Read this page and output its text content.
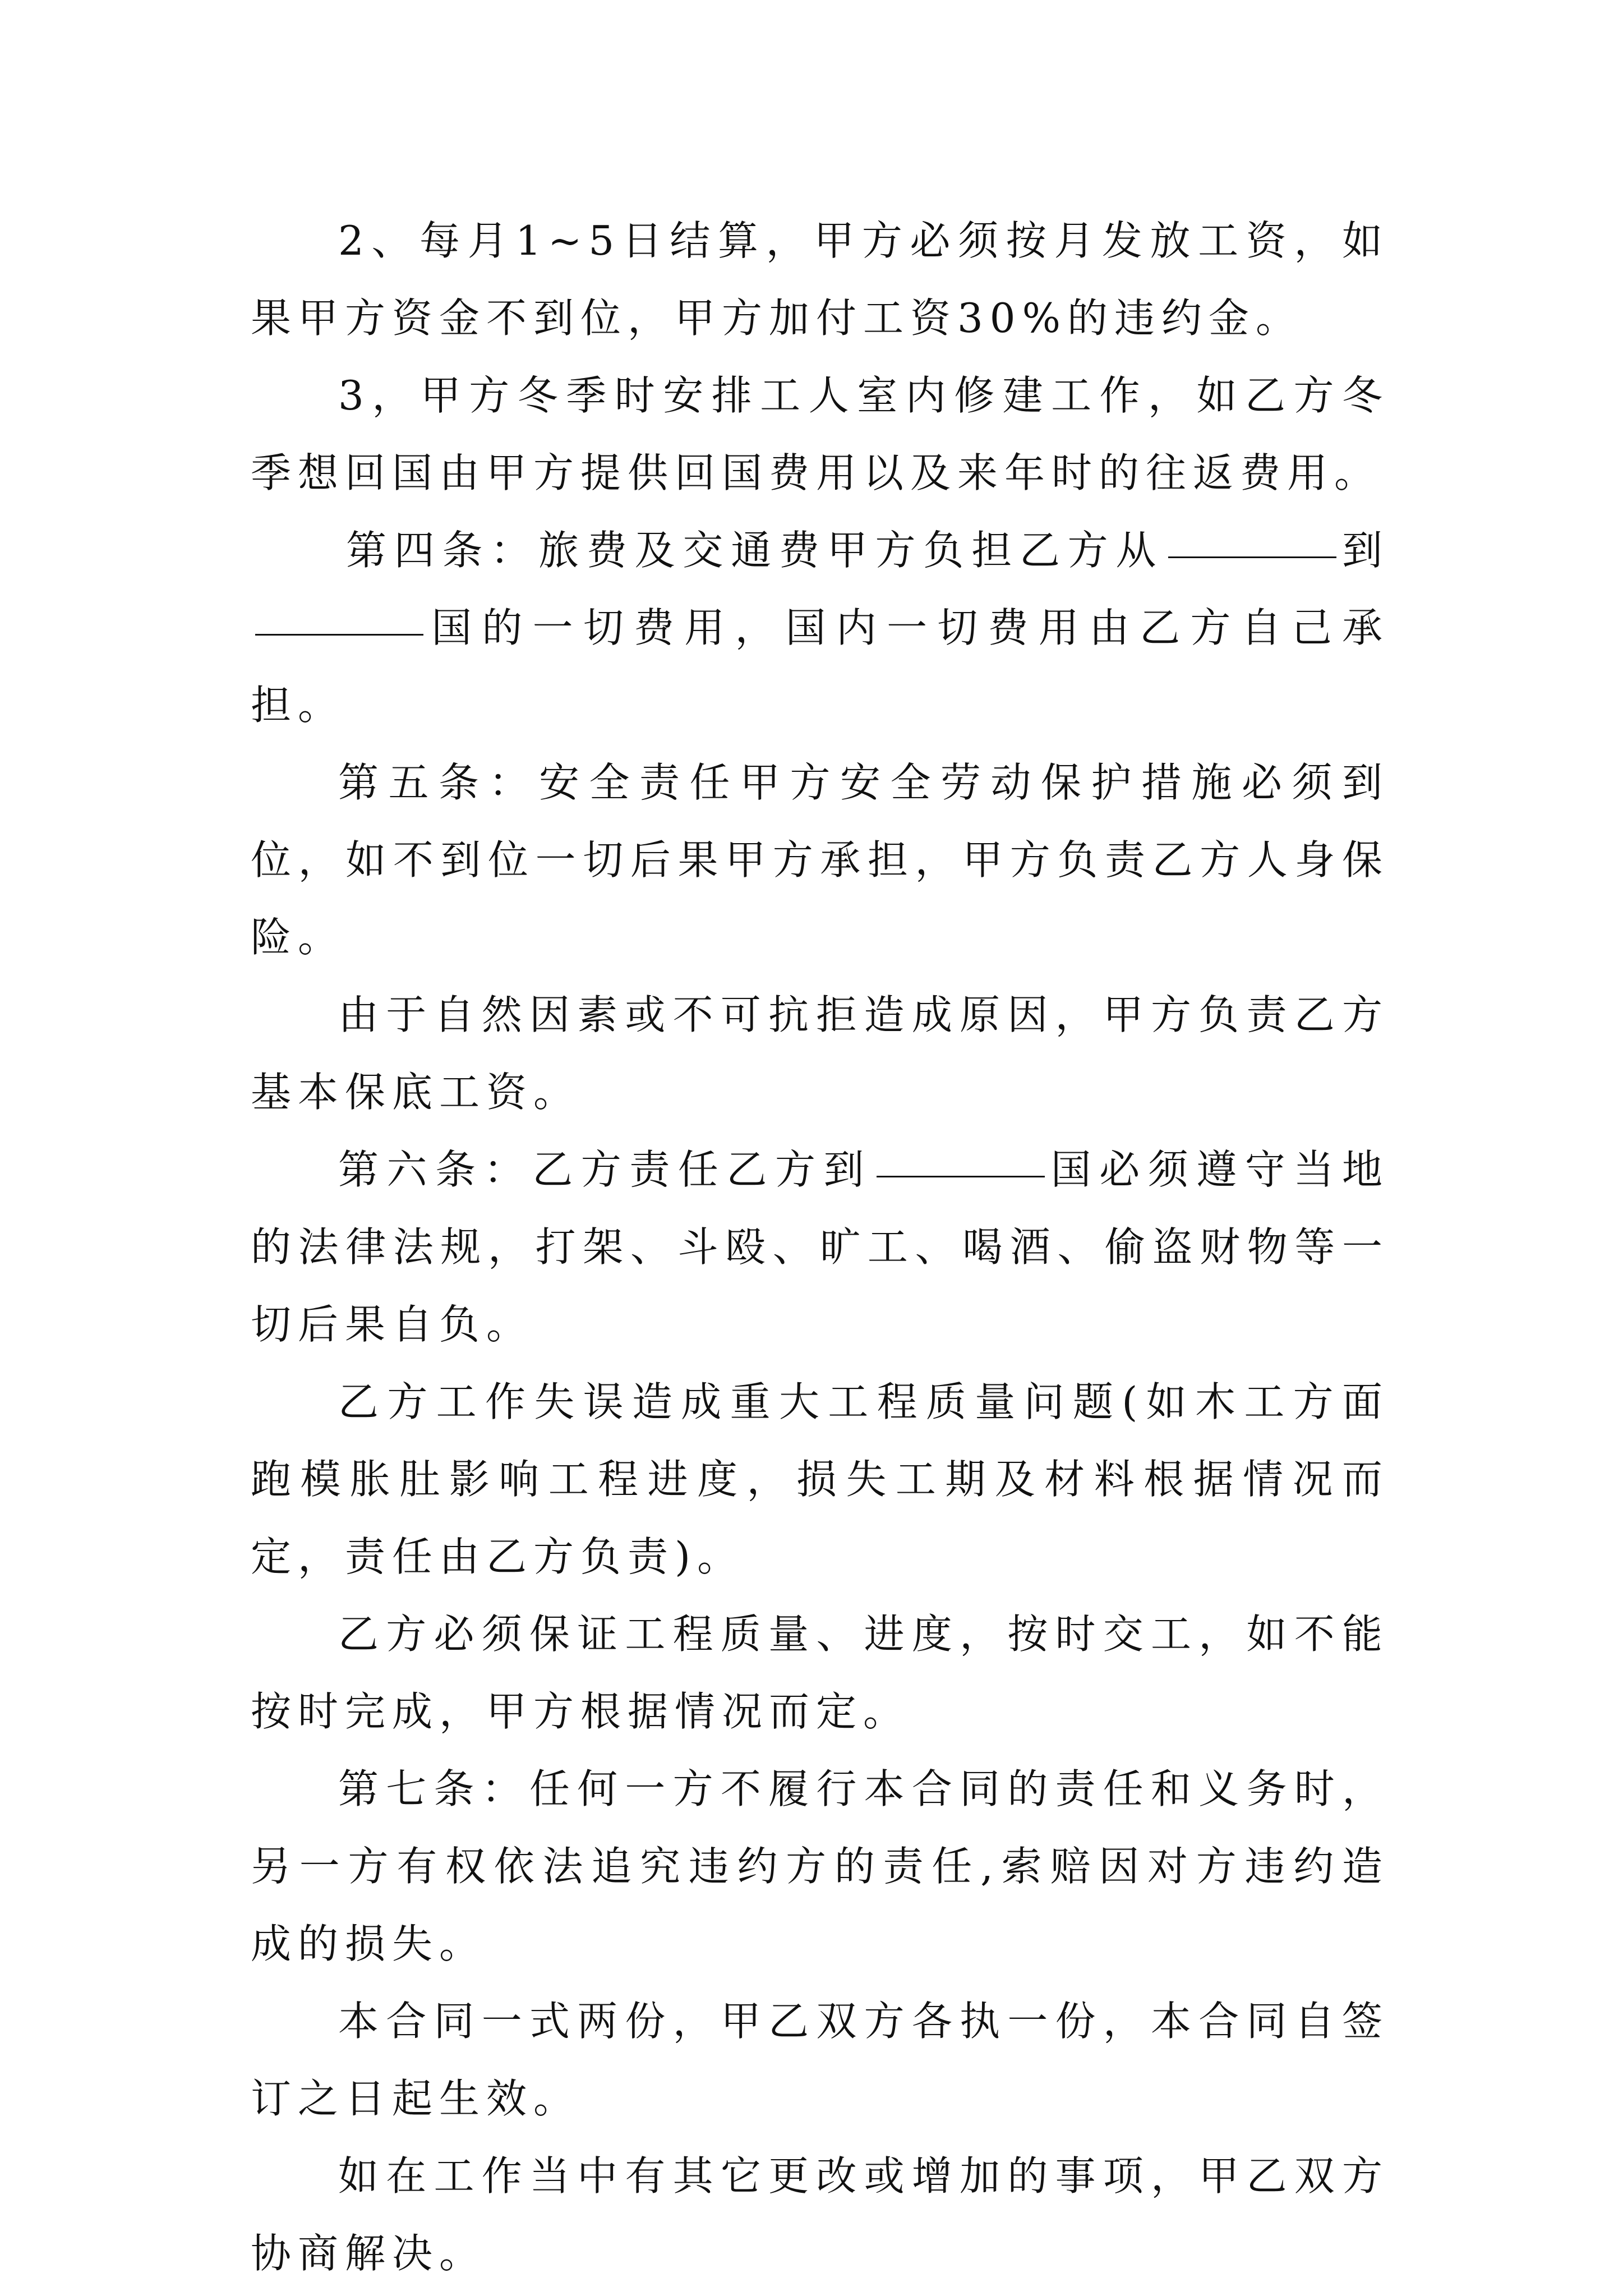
2、每月1~5日结算，甲方必须按月发放工资，如果甲方资金不到位，甲方加付工资30%的违约金。

3，甲方冬季时安排工人室内修建工作，如乙方冬季想回国由甲方提供回国费用以及来年时的往返费用。

第四条：旅费及交通费甲方负担乙方从	到国的一切费用，国内一切费用由乙方自己承担。

第五条：安全责任甲方安全劳动保护措施必须到位，如不到位一切后果甲方承担，甲方负责乙方人身保险。

由于自然因素或不可抗拒造成原因，甲方负责乙方基本保底工资。

第六条：乙方责任乙方到	国必须遵守当地的法律法规，打架、斗殴、旷工、喝酒、偷盗财物等一切后果自负。

乙方工作失误造成重大工程质量问题(如木工方面跑模胀肚影响工程进度，损失工期及材料根据情况而定，责任由乙方负责)。

乙方必须保证工程质量、进度，按时交工，如不能按时完成，甲方根据情况而定。

第七条：任何一方不履行本合同的责任和义务时，另一方有权依法追究违约方的责任,索赔因对方违约造成的损失。

本合同一式两份，甲乙双方各执一份，本合同自签订之日起生效。

如在工作当中有其它更改或增加的事项，甲乙双方协商解决。
